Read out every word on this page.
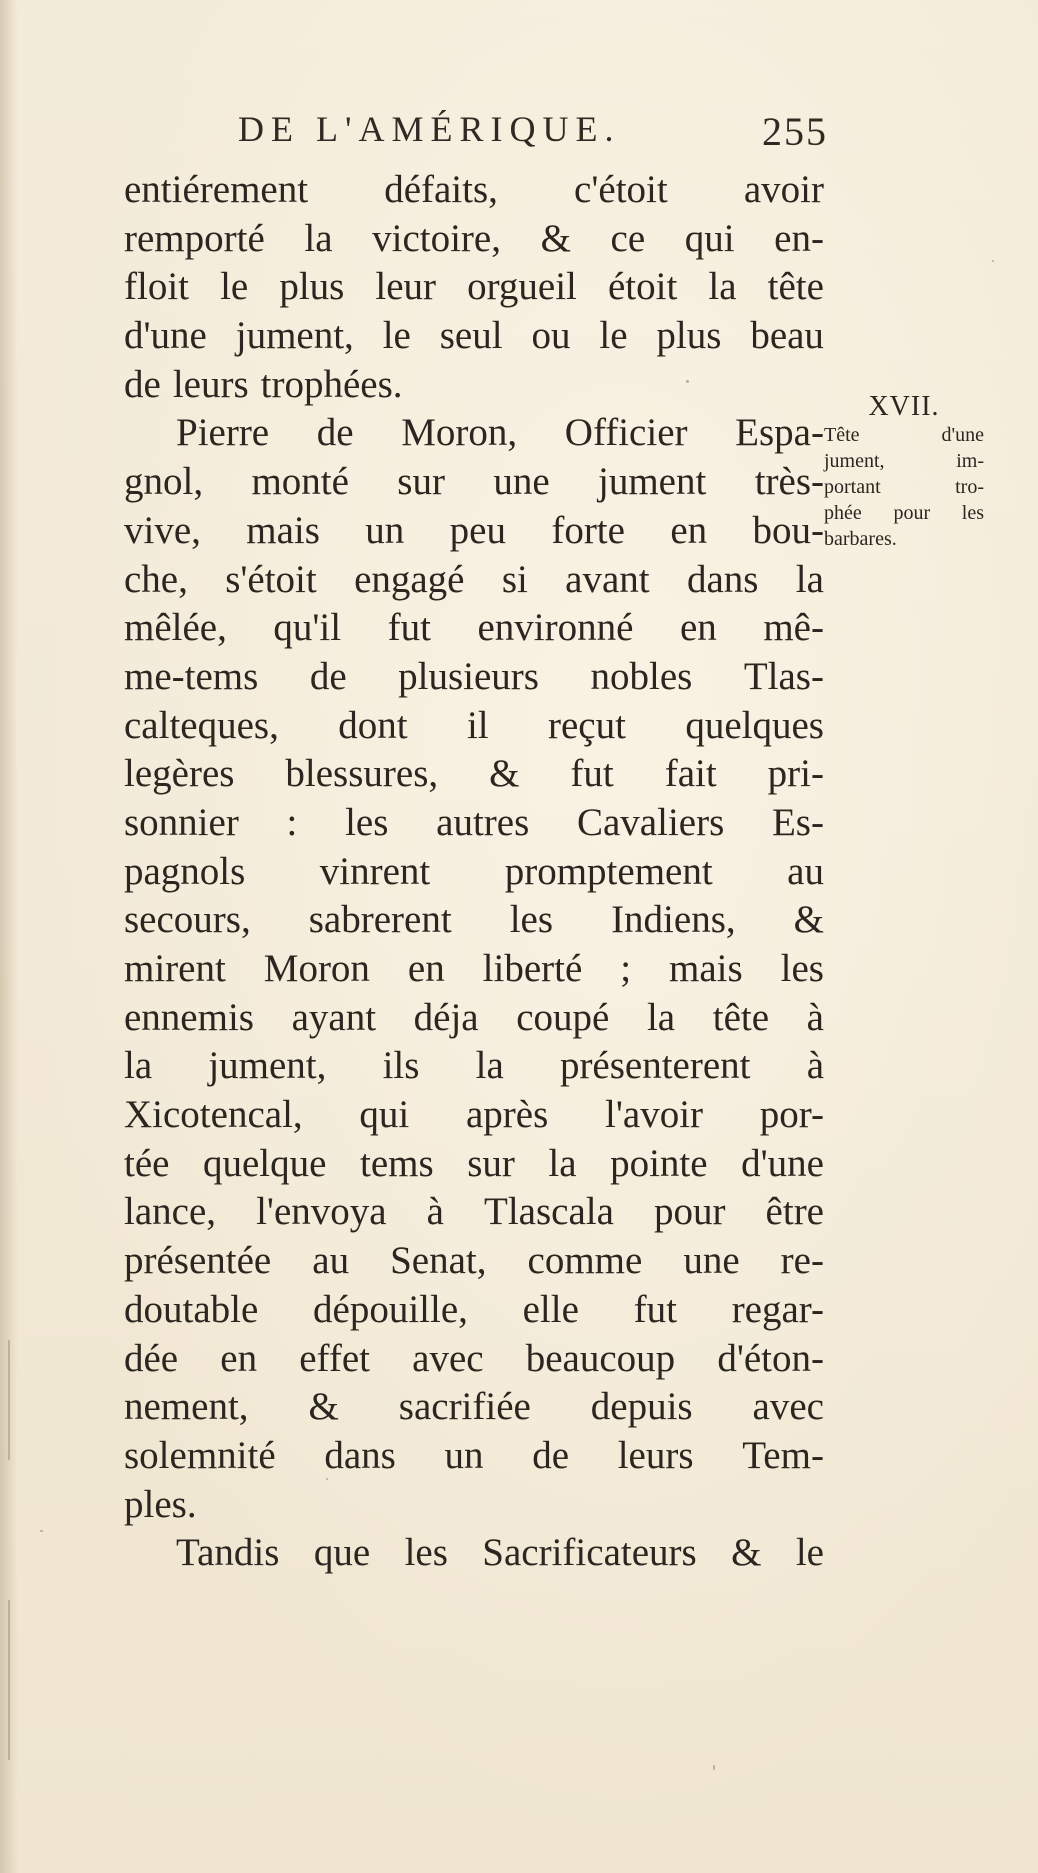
DE L'AMÉRIQUE.	255
entiérement défaits, c'étoit avoir
remporté la victoire, & ce qui en-
floit le plus leur orgueil étoit la tête
d'une jument, le seul ou le plus beau
de leurs trophées.
Pierre de Moron, Officier Espa-
gnol, monté sur une jument très-
vive, mais un peu forte en bou-
che, s'étoit engagé si avant dans la
mêlée, qu'il fut environné en mê-
me-tems de plusieurs nobles Tlas-
calteques, dont il reçut quelques
legères blessures, & fut fait pri-
sonnier : les autres Cavaliers Es-
pagnols vinrent promptement au
secours, sabrerent les Indiens, &
mirent Moron en liberté ; mais les
ennemis ayant déja coupé la tête à
la jument, ils la présenterent à
Xicotencal, qui après l'avoir por-
tée quelque tems sur la pointe d'une
lance, l'envoya à Tlascala pour être
présentée au Senat, comme une re-
doutable dépouille, elle fut regar-
dée en effet avec beaucoup d'éton-
nement, & sacrifiée depuis avec
solemnité dans un de leurs Tem-
ples.
Tandis que les Sacrificateurs & le
XVII.
Tête	d'une
jument,	im-
portant	tro-
phée pour les
barbares.
